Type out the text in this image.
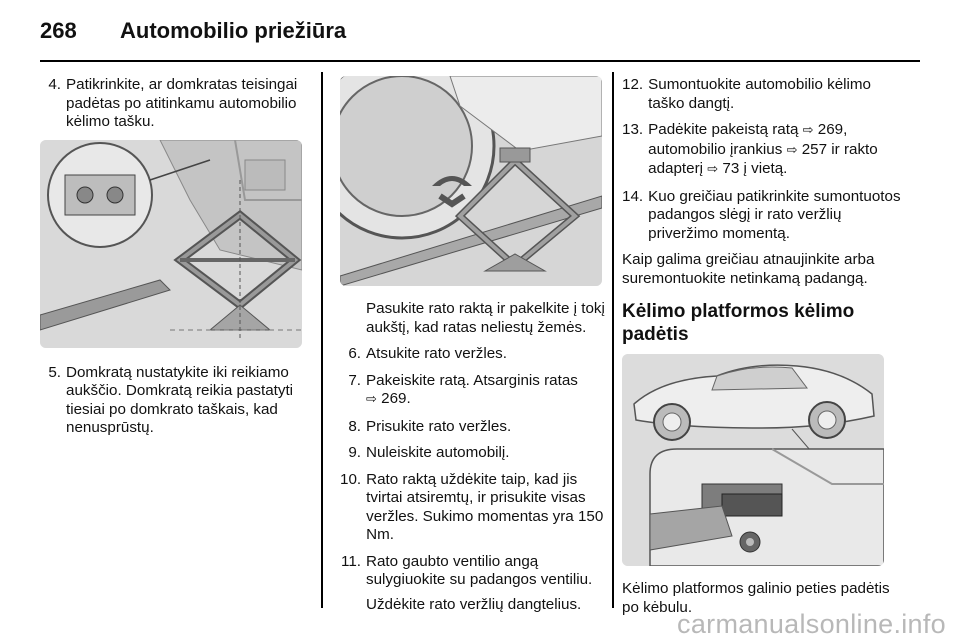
268	Automobilio priežiūra
4. Patikrinkite, ar domkratas teisingai padėtas po atitinkamu automobilio kėlimo tašku.
5. Domkratą nustatykite iki reikiamo aukščio. Domkratą reikia pastatyti tiesiai po domkrato taškais, kad nenusprūstų.
Pasukite rato raktą ir pakelkite į tokį aukštį, kad ratas neliestų žemės.
6. Atsukite rato veržles.
7. Pakeiskite ratą. Atsarginis ratas
⇨ 269.
8. Prisukite rato veržles.
9. Nuleiskite automobilį.
10. Rato raktą uždėkite taip, kad jis tvirtai atsiremtų, ir prisukite visas veržles. Sukimo momentas yra 150 Nm.
11. Rato gaubto ventilio angą sulygiuokite su padangos ventiliu.
Uždėkite rato veržlių dangtelius.
12. Sumontuokite automobilio kėlimo taško dangtį.
13. Padėkite pakeistą ratą ⇨ 269, automobilio įrankius ⇨ 257 ir rakto adapterį ⇨ 73 į vietą.
14. Kuo greičiau patikrinkite sumontuotos padangos slėgį ir rato veržlių priveržimo momentą.
Kaip galima greičiau atnaujinkite arba suremontuokite netinkamą padangą.
Kėlimo platformos kėlimo padėtis
Kėlimo platformos galinio peties padėtis po kėbulu.
carmanualsonline.info
